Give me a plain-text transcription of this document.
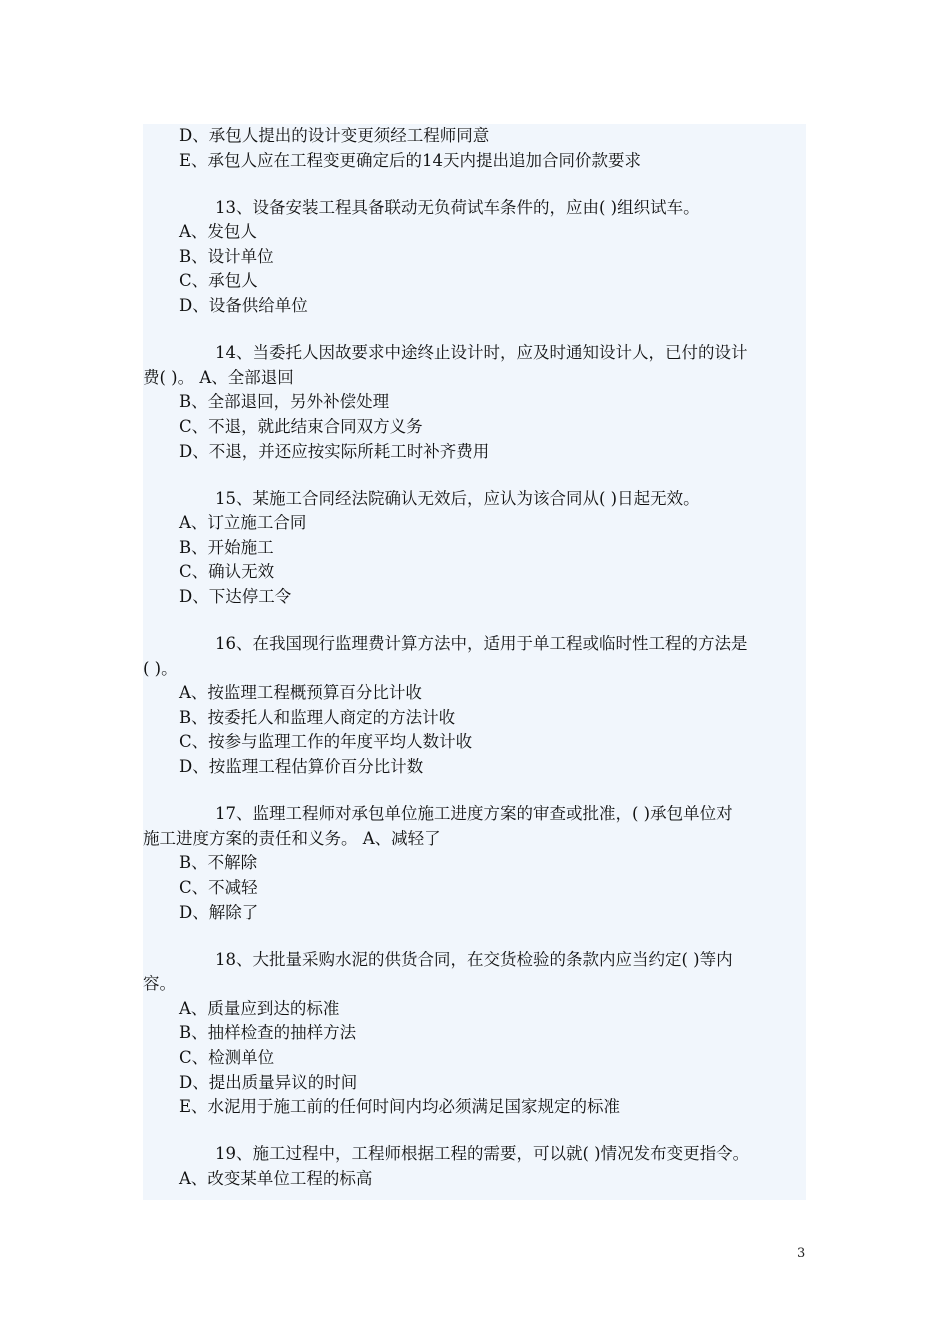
D、承包人提出的设计变更须经工程师同意
E、承包人应在工程变更确定后的14天内提出追加合同价款要求
13、设备安装工程具备联动无负荷试车条件的，应由( )组织试车。
A、发包人
B、设计单位
C、承包人
D、设备供给单位
14、当委托人因故要求中途终止设计时，应及时通知设计人，已付的设计
费( )。 A、全部退回
B、全部退回，另外补偿处理
C、不退，就此结束合同双方义务
D、不退，并还应按实际所耗工时补齐费用
15、某施工合同经法院确认无效后，应认为该合同从( )日起无效。
A、订立施工合同
B、开始施工
C、确认无效
D、下达停工令
16、在我国现行监理费计算方法中，适用于单工程或临时性工程的方法是
( )。
A、按监理工程概预算百分比计收
B、按委托人和监理人商定的方法计收
C、按参与监理工作的年度平均人数计收
D、按监理工程估算价百分比计数
17、监理工程师对承包单位施工进度方案的审查或批准，( )承包单位对
施工进度方案的责任和义务。 A、减轻了
B、不解除
C、不减轻
D、解除了
18、大批量采购水泥的供货合同，在交货检验的条款内应当约定( )等内
容。
A、质量应到达的标准
B、抽样检查的抽样方法
C、检测单位
D、提出质量异议的时间
E、水泥用于施工前的任何时间内均必须满足国家规定的标准
19、施工过程中，工程师根据工程的需要，可以就( )情况发布变更指令。
A、改变某单位工程的标高
3
